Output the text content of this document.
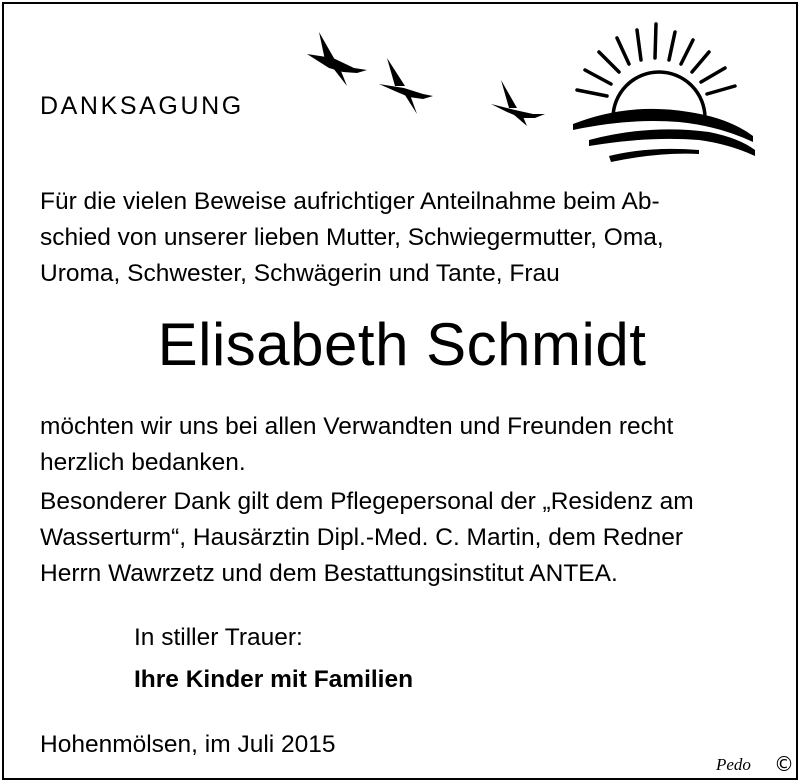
DANKSAGUNG
Für die vielen Beweise aufrichtiger Anteilnahme beim Ab-
schied von unserer lieben Mutter, Schwiegermutter, Oma,
Uroma, Schwester, Schwägerin und Tante, Frau
Elisabeth Schmidt
möchten wir uns bei allen Verwandten und Freunden recht
herzlich bedanken.
Besonderer Dank gilt dem Pflegepersonal der „Residenz am
Wasserturm“, Hausärztin Dipl.-Med. C. Martin, dem Redner
Herrn Wawrzetz und dem Bestattungsinstitut ANTEA.
In stiller Trauer:
Ihre Kinder mit Familien
Hohenmölsen, im Juli 2015
Pedo ©
